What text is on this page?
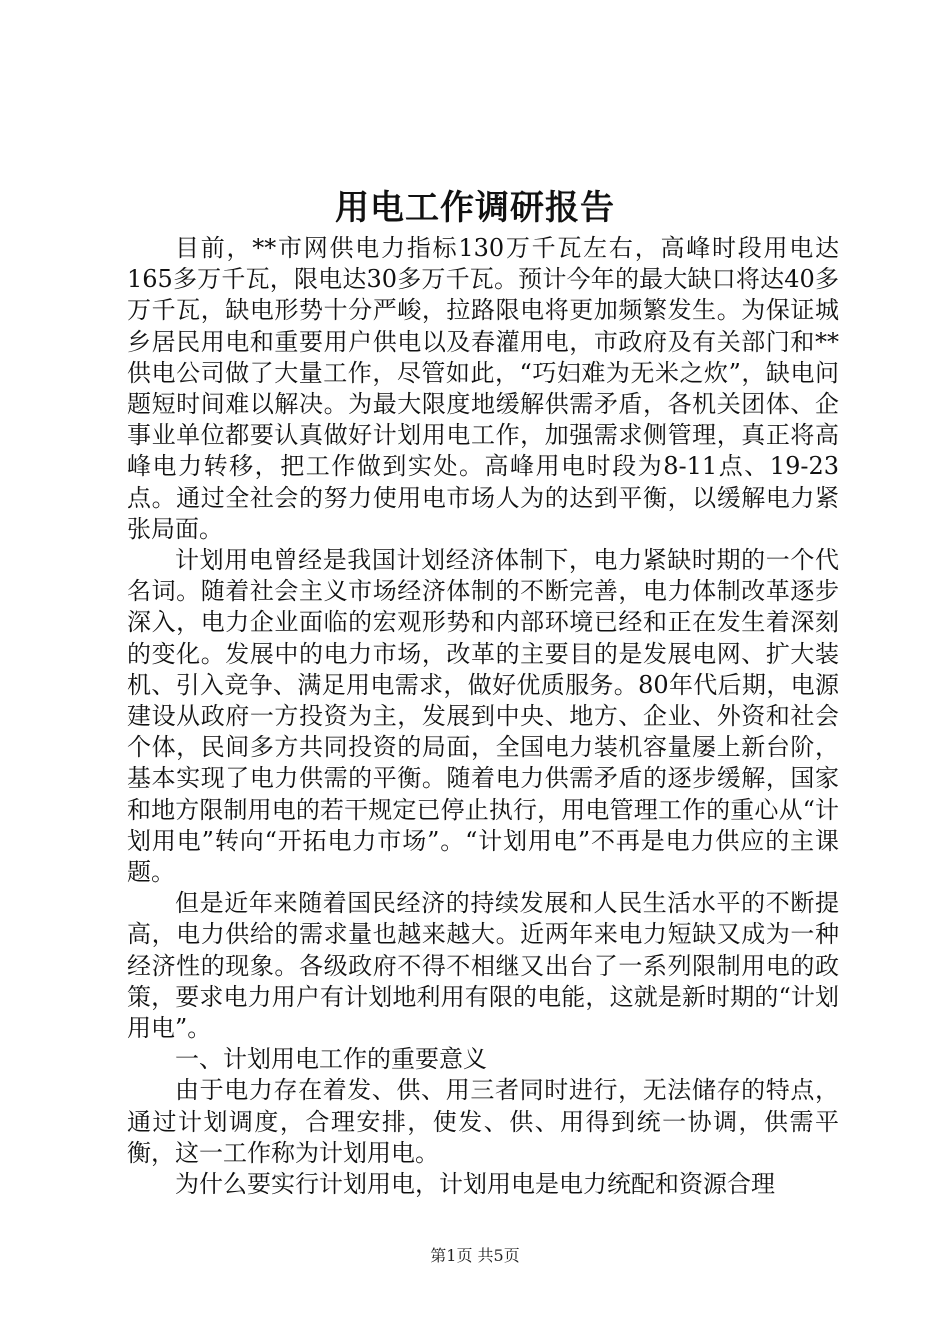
用电工作调研报告

目前，**市网供电力指标130万千瓦左右，高峰时段用电达165多万千瓦，限电达30多万千瓦。预计今年的最大缺口将达40多万千瓦，缺电形势十分严峻，拉路限电将更加频繁发生。为保证城乡居民用电和重要用户供电以及春灌用电，市政府及有关部门和**供电公司做了大量工作，尽管如此，“巧妇难为无米之炊”，缺电问题短时间难以解决。为最大限度地缓解供需矛盾，各机关团体、企事业单位都要认真做好计划用电工作，加强需求侧管理，真正将高峰电力转移，把工作做到实处。高峰用电时段为8-11点、19-23点。通过全社会的努力使用电市场人为的达到平衡，以缓解电力紧张局面。

计划用电曾经是我国计划经济体制下，电力紧缺时期的一个代名词。随着社会主义市场经济体制的不断完善，电力体制改革逐步深入，电力企业面临的宏观形势和内部环境已经和正在发生着深刻的变化。发展中的电力市场，改革的主要目的是发展电网、扩大装机、引入竞争、满足用电需求，做好优质服务。80年代后期，电源建设从政府一方投资为主，发展到中央、地方、企业、外资和社会个体，民间多方共同投资的局面，全国电力装机容量屡上新台阶，基本实现了电力供需的平衡。随着电力供需矛盾的逐步缓解，国家和地方限制用电的若干规定已停止执行，用电管理工作的重心从“计划用电”转向“开拓电力市场”。“计划用电”不再是电力供应的主课题。

但是近年来随着国民经济的持续发展和人民生活水平的不断提高，电力供给的需求量也越来越大。近两年来电力短缺又成为一种经济性的现象。各级政府不得不相继又出台了一系列限制用电的政策，要求电力用户有计划地利用有限的电能，这就是新时期的“计划用电”。

一、计划用电工作的重要意义

由于电力存在着发、供、用三者同时进行，无法储存的特点，通过计划调度，合理安排，使发、供、用得到统一协调，供需平衡，这一工作称为计划用电。

为什么要实行计划用电，计划用电是电力统配和资源合理

第1页 共5页
